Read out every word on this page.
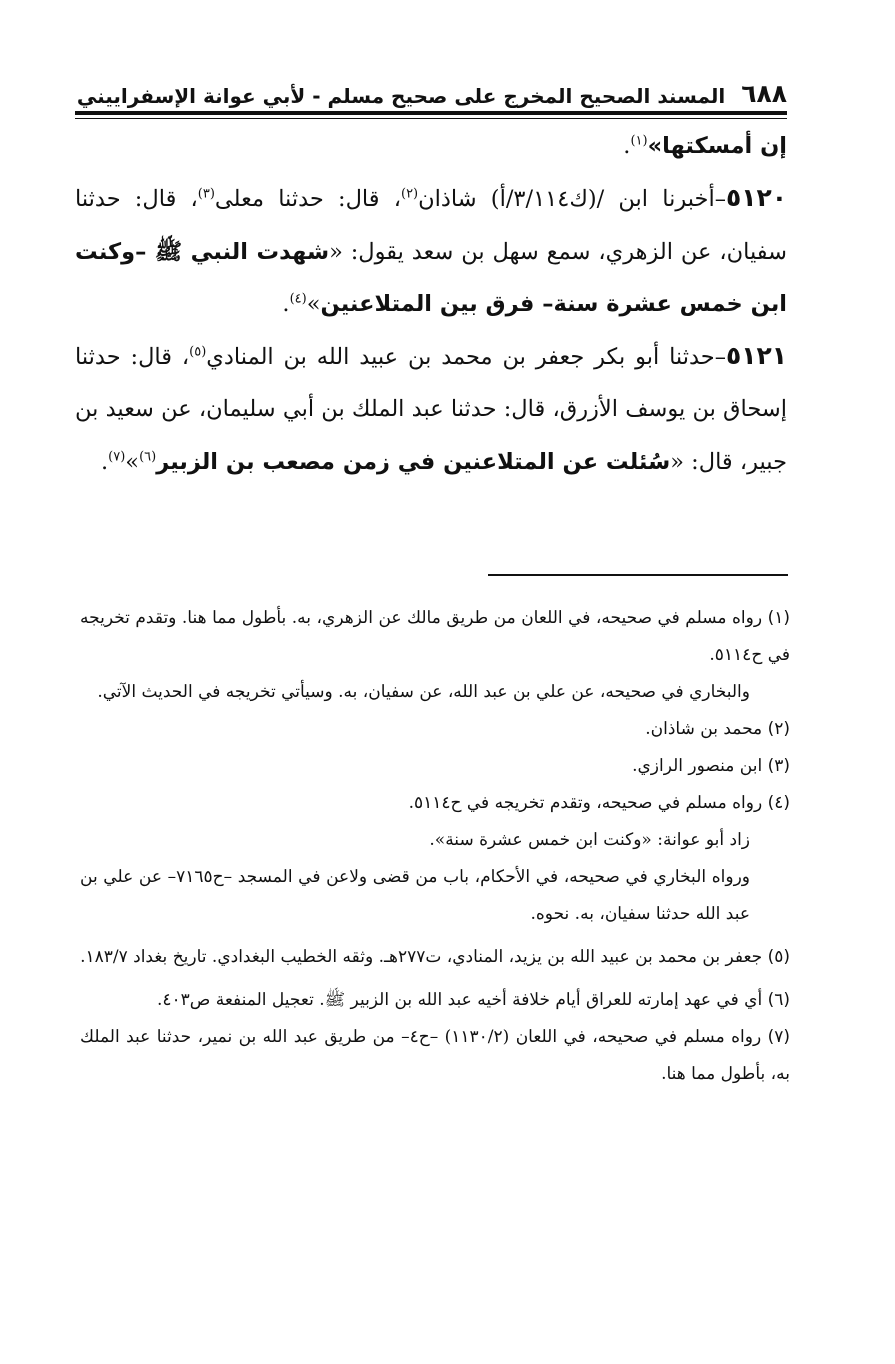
٦٨٨
المسند الصحيح المخرج على صحيح مسلم - لأبي عوانة الإسفراييني

إن أمسكتها»$^{(١)}$.

٥١٢٠–أخبرنا ابن /(ك٣/١١٤/أ) شاذان$^{(٢)}$، قال: حدثنا معلى$^{(٣)}$، قال: حدثنا سفيان، عن الزهري، سمع سهل بن سعد يقول: «شهدت النبي ﷺ –وكنت ابن خمس عشرة سنة– فرق بين المتلاعنين»$^{(٤)}$.

٥١٢١–حدثنا أبو بكر جعفر بن محمد بن عبيد الله بن المنادي$^{(٥)}$، قال: حدثنا إسحاق بن يوسف الأزرق، قال: حدثنا عبد الملك بن أبي سليمان، عن سعيد بن جبير، قال: «سُئلت عن المتلاعنين في زمن مصعب بن الزبير$^{(٦)}$»$^{(٧)}$.

(١) رواه مسلم في صحيحه، في اللعان من طريق مالك عن الزهري، به. بأطول مما هنا. وتقدم تخريجه في ح٥١١٤.

والبخاري في صحيحه، عن علي بن عبد الله، عن سفيان، به. وسيأتي تخريجه في الحديث الآتي.

(٢) محمد بن شاذان.

(٣) ابن منصور الرازي.

(٤) رواه مسلم في صحيحه، وتقدم تخريجه في ح٥١١٤.

زاد أبو عوانة: «وكنت ابن خمس عشرة سنة».

ورواه البخاري في صحيحه، في الأحكام، باب من قضى ولاعن في المسجد –ح٧١٦٥– عن علي بن عبد الله حدثنا سفيان، به. نحوه.

(٥) جعفر بن محمد بن عبيد الله بن يزيد، المنادي، ت٢٧٧هـ. وثقه الخطيب البغدادي. تاريخ بغداد ١٨٣/٧.

(٦) أي في عهد إمارته للعراق أيام خلافة أخيه عبد الله بن الزبير ﷺ. تعجيل المنفعة ص٤٠٣.

(٧) رواه مسلم في صحيحه، في اللعان (١١٣٠/٢) –ح٤– من طريق عبد الله بن نمير، حدثنا عبد الملك به، بأطول مما هنا.
